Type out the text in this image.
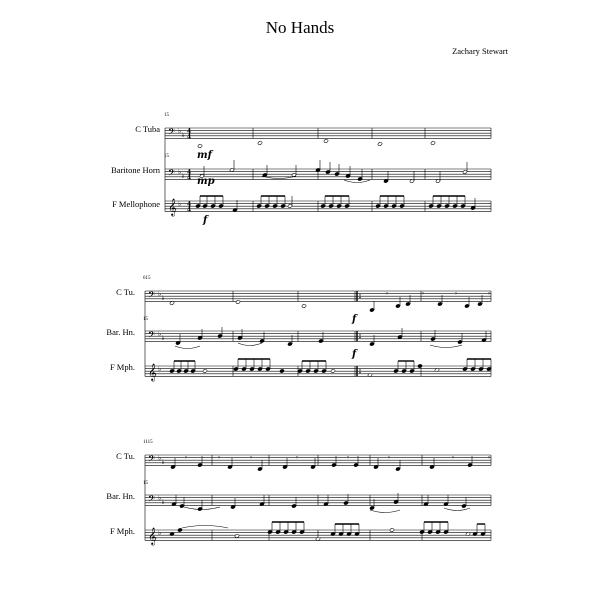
No Hands
Zachary Stewart
15
C Tuba
15
Baritone Horn
F Mellophone
615
C Tu.
15
Bar. Hn.
F Mph.
1115
C Tu.
15
Bar. Hn.
F Mph.
𝄾	𝄾	𝄾	𝄾
𝄾	𝄾	𝄾	𝄾	𝄾	𝄾	𝄾	𝄾
𝄢 ♭ ♭ 4
4
𝄢 ♭ ♭ 4
4
𝄞 ♭ 4
4
𝄢 ♭ ♭
𝄢 ♭ ♭
𝄞 ♭
𝄢 ♭ ♭
𝄢 ♭ ♭
𝄞 ♭
mf
mp
f
f
f
